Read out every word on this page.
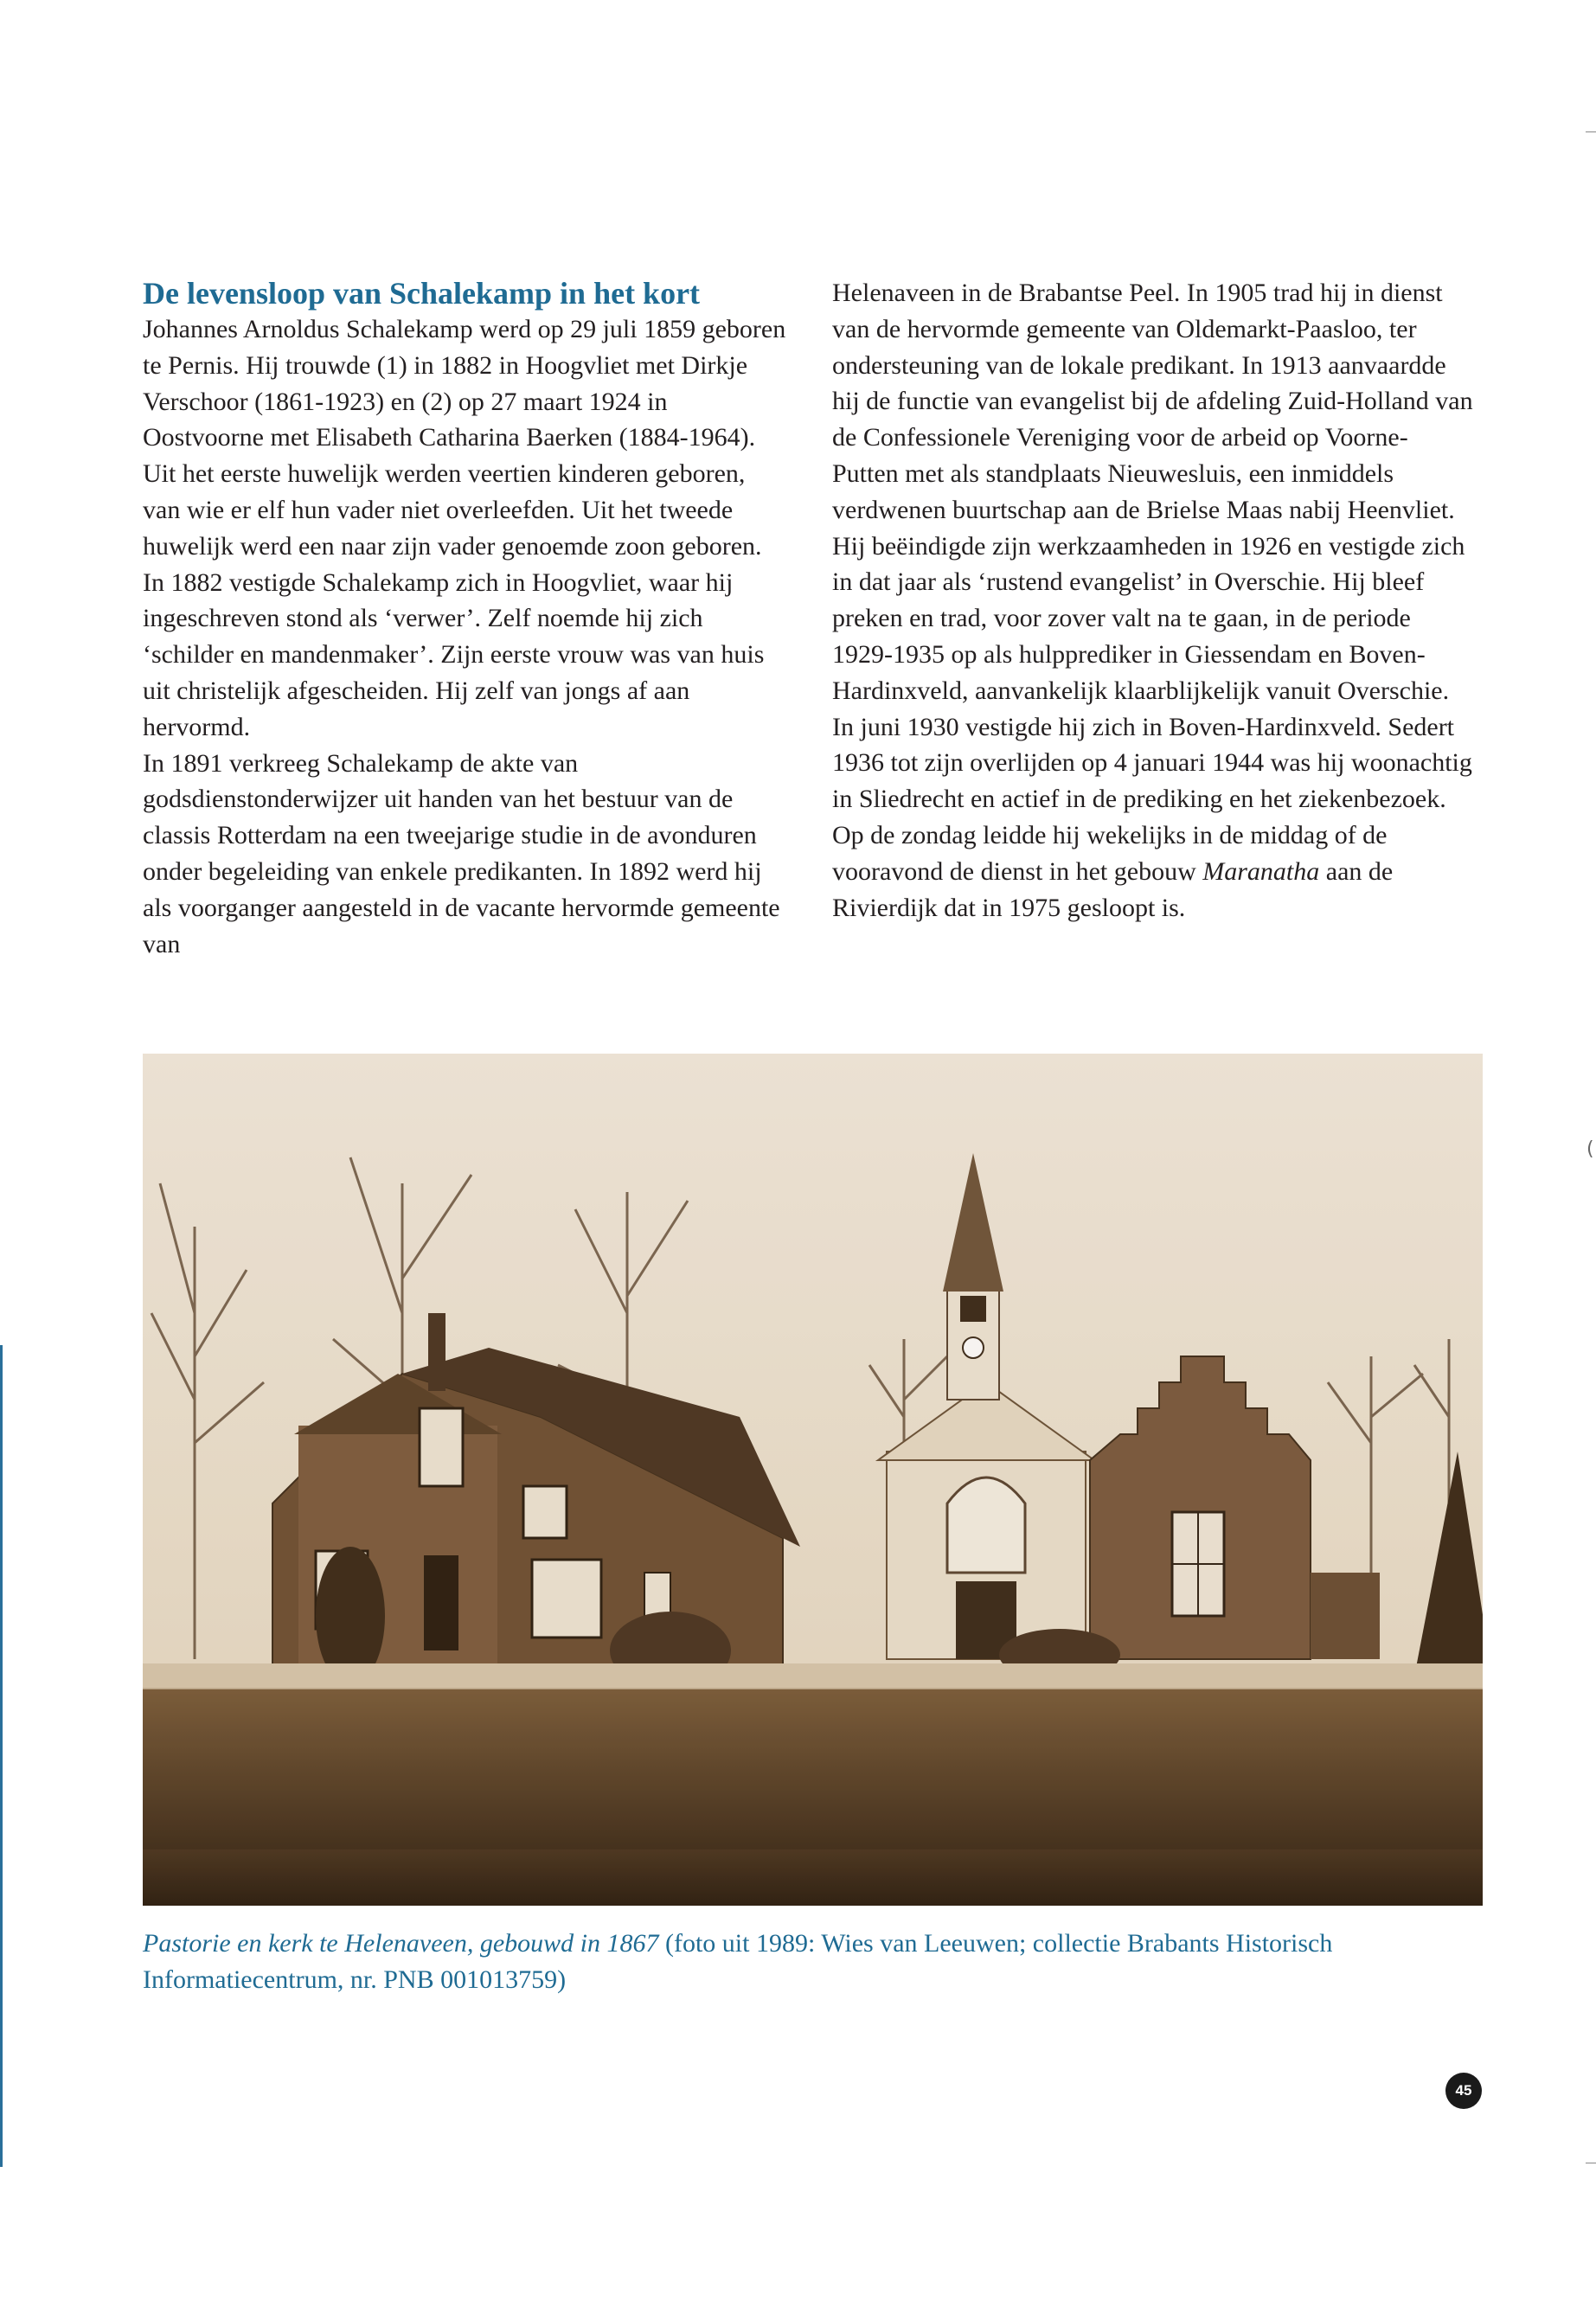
(
De levensloop van Schalekamp in het kort

Johannes Arnoldus Schalekamp werd op 29 juli 1859 geboren te Pernis. Hij trouwde (1) in 1882 in Hoogvliet met Dirkje Verschoor (1861-1923) en (2) op 27 maart 1924 in Oostvoorne met Elisabeth Catharina Baerken (1884-1964). Uit het eerste huwelijk werden veertien kinderen geboren, van wie er elf hun vader niet overleefden. Uit het tweede huwelijk werd een naar zijn vader genoemde zoon geboren. In 1882 vestigde Schalekamp zich in Hoogvliet, waar hij ingeschreven stond als ‘verwer’. Zelf noemde hij zich ‘schilder en mandenmaker’. Zijn eerste vrouw was van huis uit christelijk afgescheiden. Hij zelf van jongs af aan hervormd.

In 1891 verkreeg Schalekamp de akte van godsdienstonderwijzer uit handen van het bestuur van de classis Rotterdam na een tweejarige studie in de avonduren onder begeleiding van enkele predikanten. In 1892 werd hij als voorganger aangesteld in de vacante hervormde gemeente van

Helenaveen in de Brabantse Peel. In 1905 trad hij in dienst van de hervormde gemeente van Oldemarkt-Paasloo, ter ondersteuning van de lokale predikant. In 1913 aanvaardde hij de functie van evangelist bij de afdeling Zuid-Holland van de Confessionele Vereniging voor de arbeid op Voorne-Putten met als standplaats Nieuwesluis, een inmiddels verdwenen buurtschap aan de Brielse Maas nabij Heenvliet. Hij beëindigde zijn werkzaamheden in 1926 en vestigde zich in dat jaar als ‘rustend evangelist’ in Overschie. Hij bleef preken en trad, voor zover valt na te gaan, in de periode 1929-1935 op als hulpprediker in Giessendam en Boven-Hardinxveld, aanvankelijk klaarblijkelijk vanuit Overschie. In juni 1930 vestigde hij zich in Boven-Hardinxveld. Sedert 1936 tot zijn overlijden op 4 januari 1944 was hij woonachtig in Sliedrecht en actief in de prediking en het ziekenbezoek. Op de zondag leidde hij wekelijks in de middag of de vooravond de dienst in het gebouw Maranatha aan de Rivierdijk dat in 1975 gesloopt is.

Pastorie en kerk te Helenaveen, gebouwd in 1867 (foto uit 1989: Wies van Leeuwen; collectie Brabants Historisch Informatiecentrum, nr. PNB 001013759)
45
